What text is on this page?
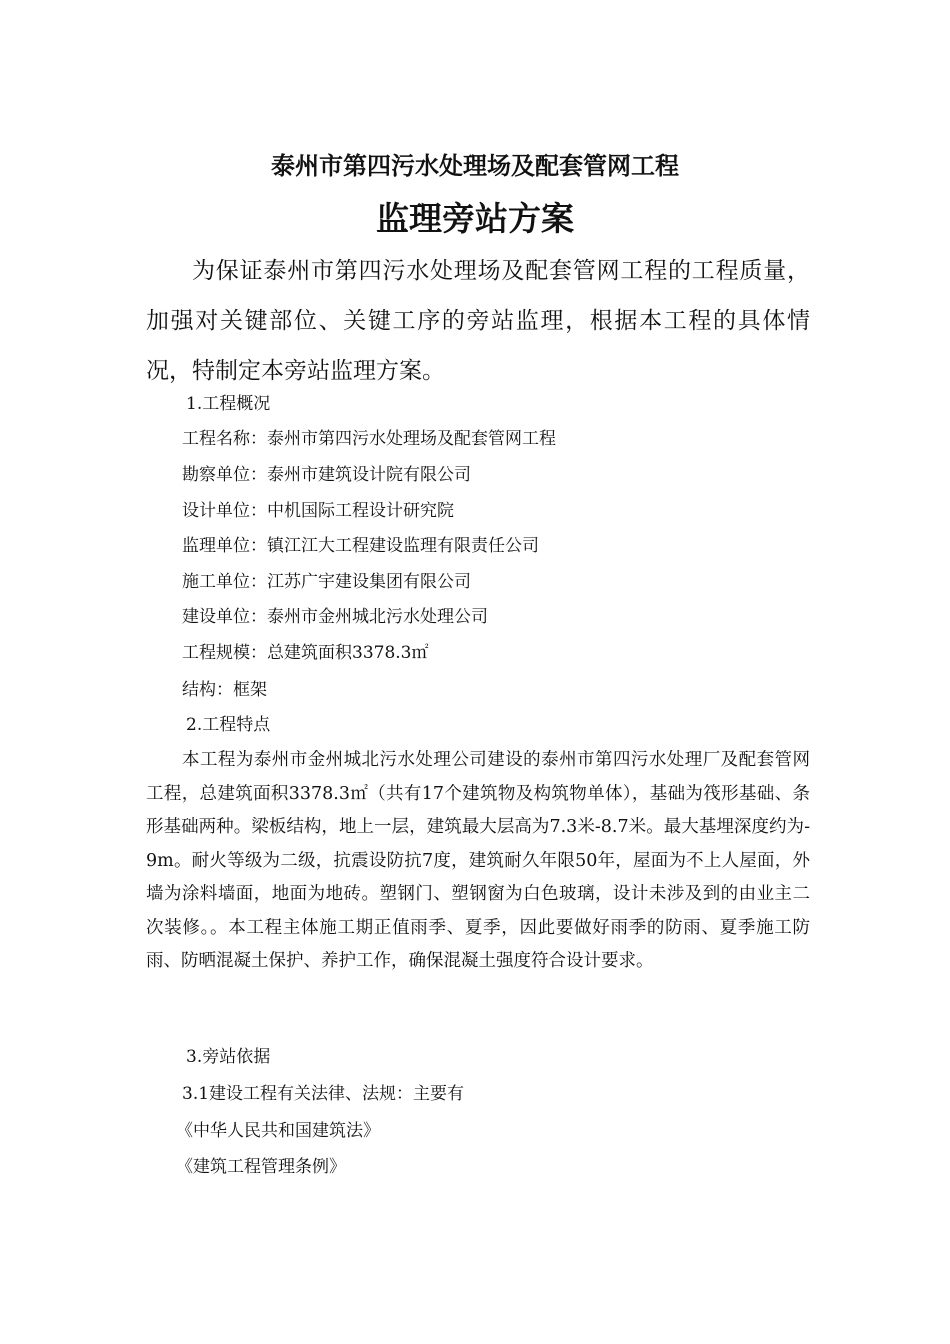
泰州市第四污水处理场及配套管网工程
监理旁站方案
为保证泰州市第四污水处理场及配套管网工程的工程质量，加强对关键部位、关键工序的旁站监理，根据本工程的具体情况，特制定本旁站监理方案。
1.工程概况
工程名称：泰州市第四污水处理场及配套管网工程
勘察单位：泰州市建筑设计院有限公司
设计单位：中机国际工程设计研究院
监理单位：镇江江大工程建设监理有限责任公司
施工单位：江苏广宇建设集团有限公司
建设单位：泰州市金州城北污水处理公司
工程规模：总建筑面积3378.3㎡
结构：框架
2.工程特点
本工程为泰州市金州城北污水处理公司建设的泰州市第四污水处理厂及配套管网工程，总建筑面积3378.3㎡（共有17个建筑物及构筑物单体），基础为筏形基础、条形基础两种。梁板结构，地上一层，建筑最大层高为7.3米-8.7米。最大基埋深度约为-9m。耐火等级为二级，抗震设防抗7度，建筑耐久年限50年，屋面为不上人屋面，外墙为涂料墙面，地面为地砖。塑钢门、塑钢窗为白色玻璃，设计未涉及到的由业主二次装修。。本工程主体施工期正值雨季、夏季，因此要做好雨季的防雨、夏季施工防雨、防晒混凝土保护、养护工作，确保混凝土强度符合设计要求。
3.旁站依据
3.1建设工程有关法律、法规：主要有
《中华人民共和国建筑法》
《建筑工程管理条例》
